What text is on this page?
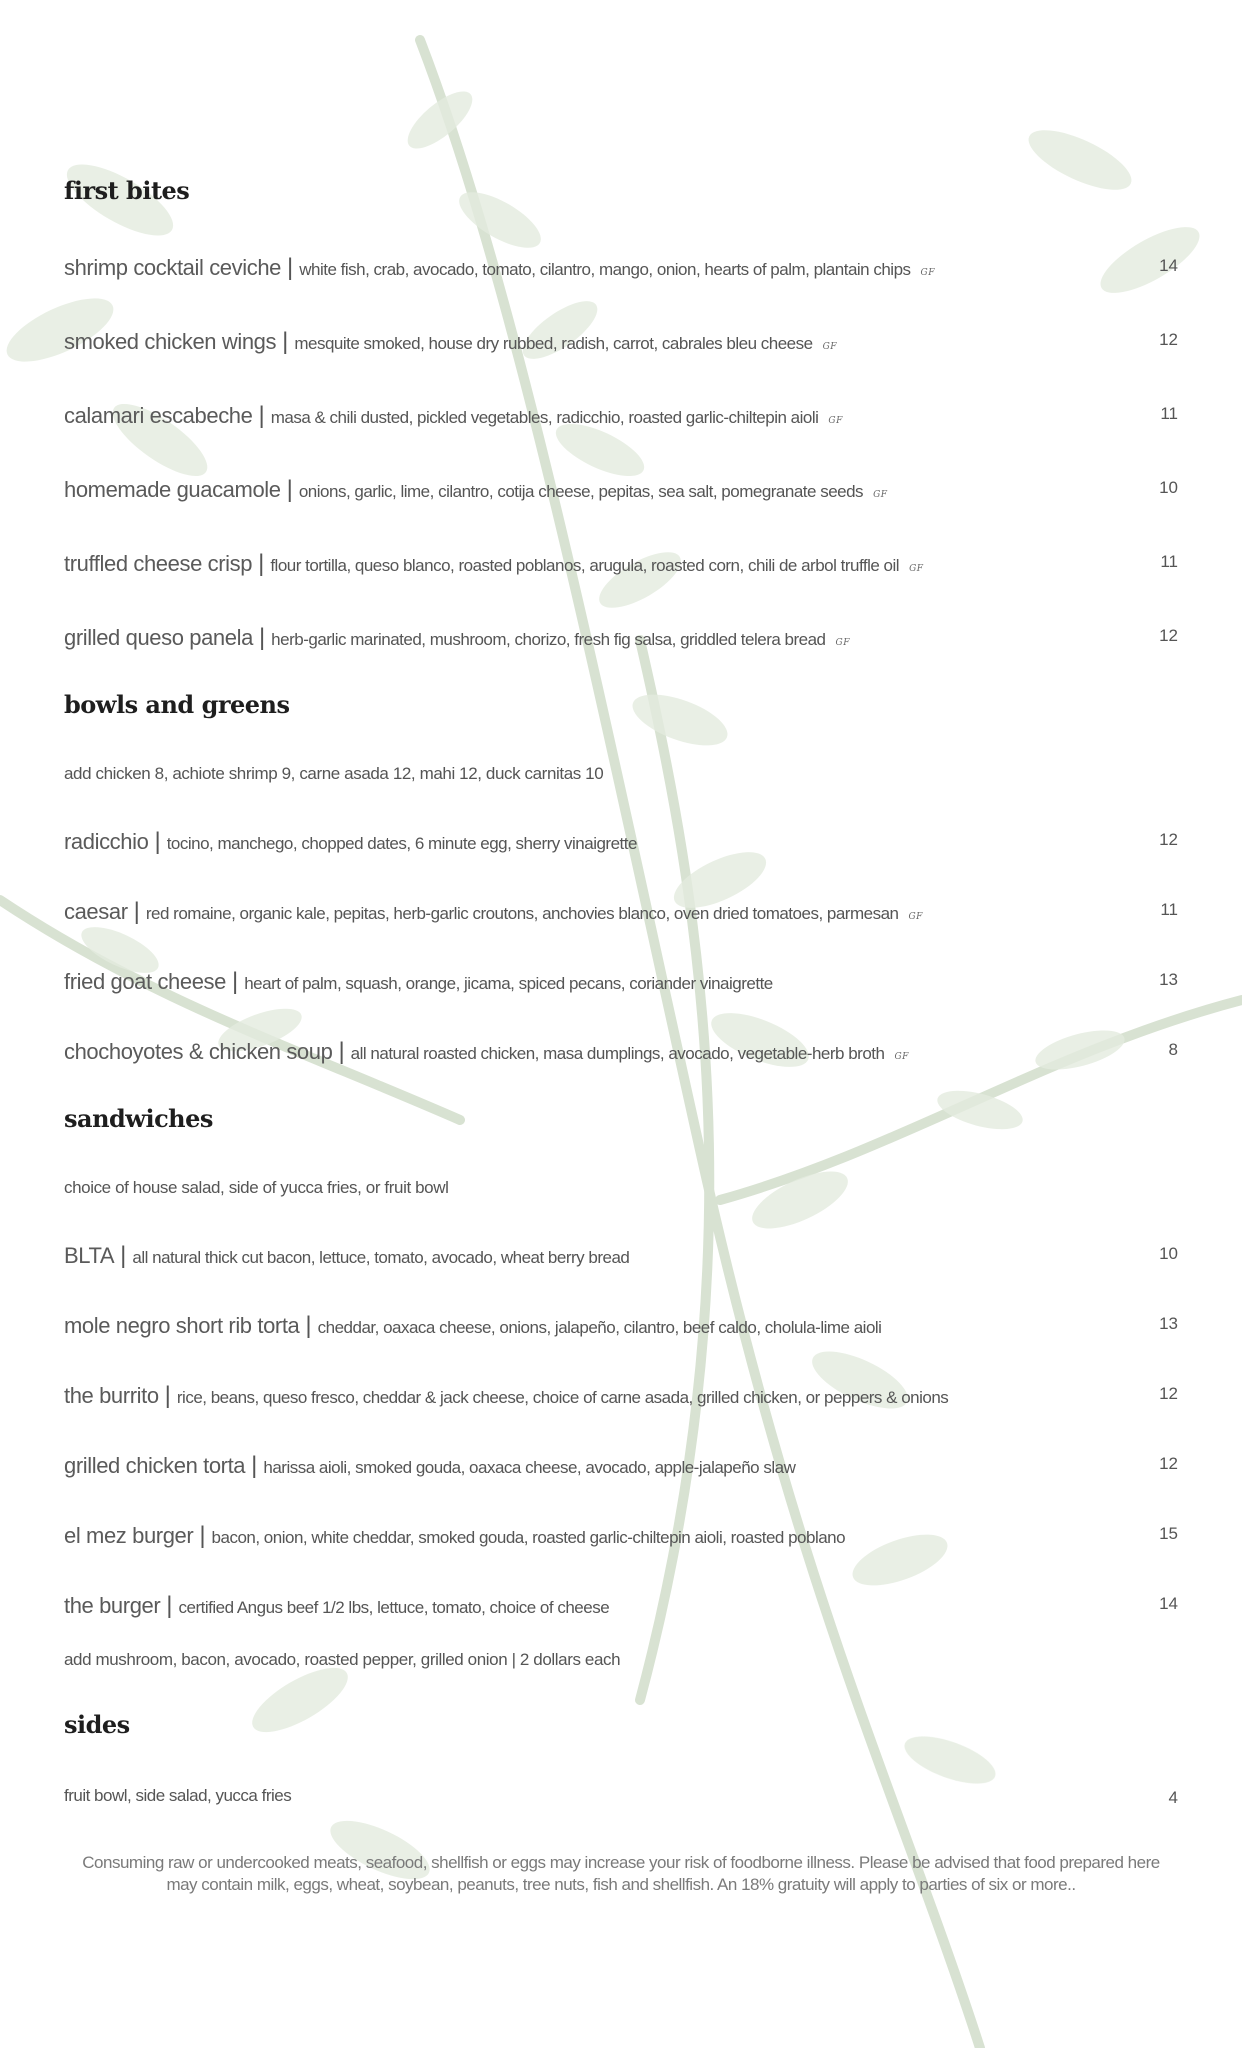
first bites
shrimp cocktail ceviche | white fish, crab, avocado, tomato, cilantro, mango, onion, hearts of palm, plantain chips GF	14
smoked chicken wings | mesquite smoked, house dry rubbed, radish, carrot, cabrales bleu cheese GF	12
calamari escabeche | masa & chili dusted, pickled vegetables, radicchio, roasted garlic-chiltepin aioli GF	11
homemade guacamole | onions, garlic, lime, cilantro, cotija cheese, pepitas, sea salt, pomegranate seeds GF	10
truffled cheese crisp | flour tortilla, queso blanco, roasted poblanos, arugula, roasted corn, chili de arbol truffle oil GF	11
grilled queso panela | herb-garlic marinated, mushroom, chorizo, fresh fig salsa, griddled telera bread GF	12
bowls and greens
add chicken 8, achiote shrimp 9, carne asada 12, mahi 12, duck carnitas 10
radicchio | tocino, manchego, chopped dates, 6 minute egg, sherry vinaigrette	12
caesar | red romaine, organic kale, pepitas, herb-garlic croutons, anchovies blanco, oven dried tomatoes, parmesan GF	11
fried goat cheese | heart of palm, squash, orange, jicama, spiced pecans, coriander vinaigrette	13
chochoyotes & chicken soup | all natural roasted chicken, masa dumplings, avocado, vegetable-herb broth GF	8
sandwiches
choice of house salad, side of yucca fries, or fruit bowl
BLTA | all natural thick cut bacon, lettuce, tomato, avocado, wheat berry bread	10
mole negro short rib torta | cheddar, oaxaca cheese, onions, jalapeño, cilantro, beef caldo, cholula-lime aioli	13
the burrito | rice, beans, queso fresco, cheddar & jack cheese, choice of carne asada, grilled chicken, or peppers & onions	12
grilled chicken torta | harissa aioli, smoked gouda, oaxaca cheese, avocado, apple-jalapeño slaw	12
el mez burger | bacon, onion, white cheddar, smoked gouda, roasted garlic-chiltepin aioli, roasted poblano	15
the burger | certified Angus beef 1/2 lbs, lettuce, tomato, choice of cheese	14
add mushroom, bacon, avocado, roasted pepper, grilled onion | 2 dollars each
sides
fruit bowl, side salad, yucca fries	4
Consuming raw or undercooked meats, seafood, shellfish or eggs may increase your risk of foodborne illness. Please be advised that food prepared here
may contain milk, eggs, wheat, soybean, peanuts, tree nuts, fish and shellfish. An 18% gratuity will apply to parties of six or more..
